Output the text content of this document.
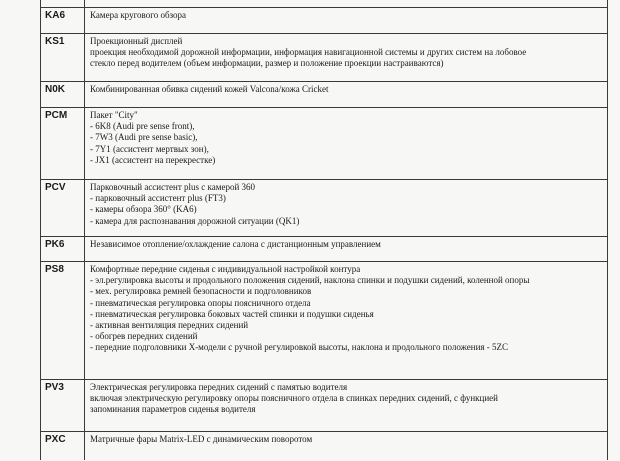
KA6	Камера кругового обзора
KS1	Проекционный дисплей
проекция необходимой дорожной информации, информация навигационной системы и других систем на лобовое
стекло перед водителем (объем информации, размер и положение проекции настраиваются)
N0K	Комбинированная обивка сидений кожей Valcona/кожа Cricket
PCM	Пакет "City"
- 6K8 (Audi pre sense front),
- 7W3 (Audi pre sense basic),
- 7Y1 (ассистент мертвых зон),
- JX1 (ассистент на перекрестке)
PCV	Парковочный ассистент plus с камерой 360
- парковочный ассистент plus (FT3)
- камеры обзора 360° (KA6)
- камера для распознавания дорожной ситуации (QK1)
PK6	Независимое отопление/охлаждение салона с дистанционным управлением
PS8	Комфортные передние сиденья с индивидуальной настройкой контура
- эл.регулировка высоты и продольного положения сидений, наклона спинки и подушки сидений, коленной опоры
- мех. регулировка ремней безопасности и подголовников
- пневматическая регулировка опоры поясничного отдела
- пневматическая регулировка боковых частей спинки и подушки сиденья
- активная вентиляция передних сидений
- обогрев передних сидений
- передние подголовники X-модели с ручной регулировкой высоты, наклона и продольного положения - 5ZC
PV3	Электрическая регулировка передних сидений с памятью водителя
включая электрическую регулировку опоры поясничного отдела в спинках передних сидений, с функцией
запоминания параметров сиденья водителя
PXC	Матричные фары Matrix-LED с динамическим поворотом
